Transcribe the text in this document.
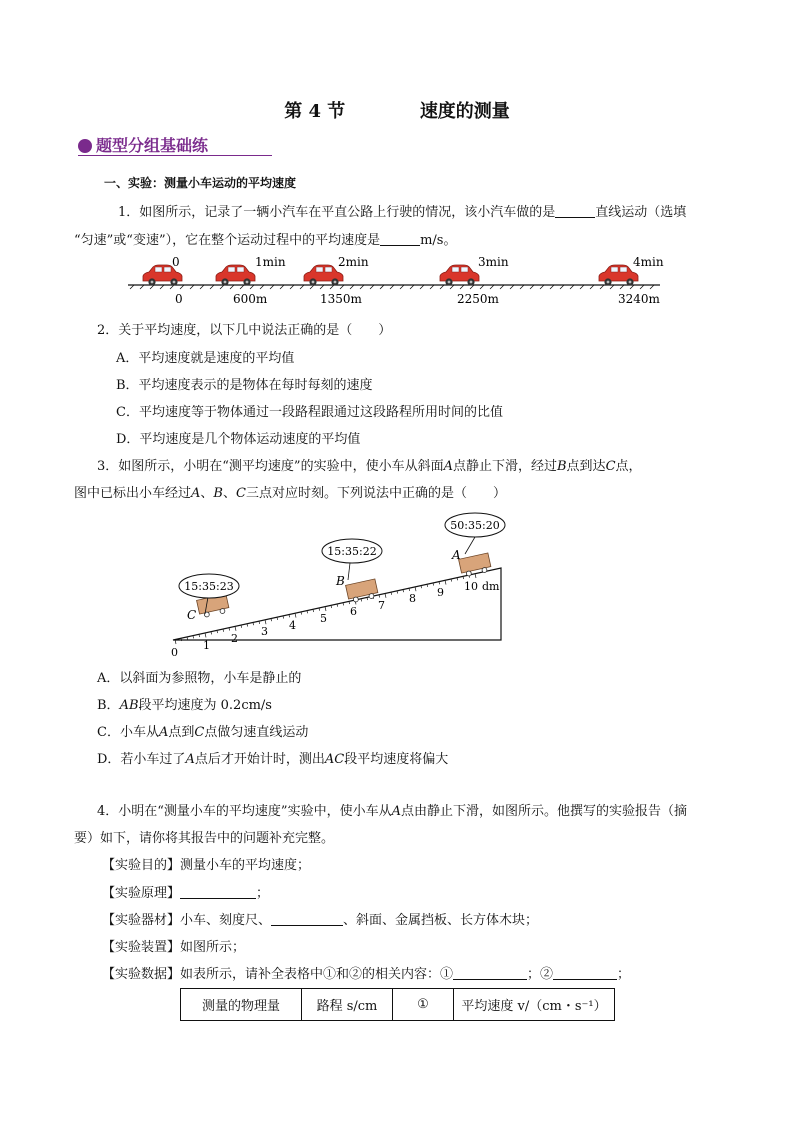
第 4 节	速度的测量
题型分组基础练
一、实验：测量小车运动的平均速度
1．如图所示，记录了一辆小汽车在平直公路上行驶的情况，该小汽车做的是	直线运动（选填
“匀速”或“变速”），它在整个运动过程中的平均速度是	m/s。
0	1min	2min	3min	4min
0	600m	1350m	2250m	3240m
2．关于平均速度，以下几中说法正确的是（　　）
A．平均速度就是速度的平均值
B．平均速度表示的是物体在每时每刻的速度
C．平均速度等于物体通过一段路程跟通过这段路程所用时间的比值
D．平均速度是几个物体运动速度的平均值
3．如图所示，小明在“测平均速度”的实验中，使小车从斜面A点静止下滑，经过B点到达C点，
图中已标出小车经过A、B、C三点对应时刻。下列说法中正确的是（　　）
0
1
2
3 4
5
6 7
8 9 10 dm
C
B
A
15:35:23
15:35:22
50:35:20
A．以斜面为参照物，小车是静止的
B．AB段平均速度为 0.2cm/s
C．小车从A点到C点做匀速直线运动
D．若小车过了A点后才开始计时，测出AC段平均速度将偏大
4．小明在“测量小车的平均速度”实验中，使小车从A点由静止下滑，如图所示。他撰写的实验报告（摘
要）如下，请你将其报告中的问题补充完整。
【实验目的】测量小车的平均速度；
【实验原理】	；
【实验器材】小车、刻度尺、	、斜面、金属挡板、长方体木块；
【实验装置】如图所示；
【实验数据】如表所示，请补全表格中①和②的相关内容：①	；②	；
测量的物理量	路程 s/cm	①	平均速度 v/（cm・s⁻¹）
